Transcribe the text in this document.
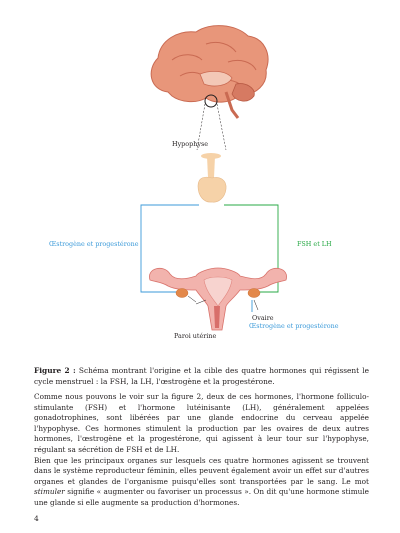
Hypophyse
Œstrogène et progestérone	FSH et LH
Ovaire
Œstrogène et progestérone
Paroi utérine
Figure 2 : Schéma montrant l'origine et la cible des quatre hormones qui régissent le cycle menstruel : la FSH, la LH, l'œstrogène et la progestérone.

Comme nous pouvons le voir sur la figure 2, deux de ces hormones, l'hormone folliculo-stimulante (FSH) et l'hormone lutéinisante (LH), généralement appelées gonadotrophines, sont libérées par une glande endocrine du cerveau appelée l'hypophyse. Ces hormones stimulent la production par les ovaires de deux autres hormones, l'œstrogène et la progestérone, qui agissent à leur tour sur l'hypophyse, régulant sa sécrétion de FSH et de LH.

Bien que les principaux organes sur lesquels ces quatre hormones agissent se trouvent dans le système reproducteur féminin, elles peuvent également avoir un effet sur d'autres organes et glandes de l'organisme puisqu'elles sont transportées par le sang. Le mot stimuler signifie « augmenter ou favoriser un processus ». On dit qu'une hormone stimule une glande si elle augmente sa production d'hormones.

4
